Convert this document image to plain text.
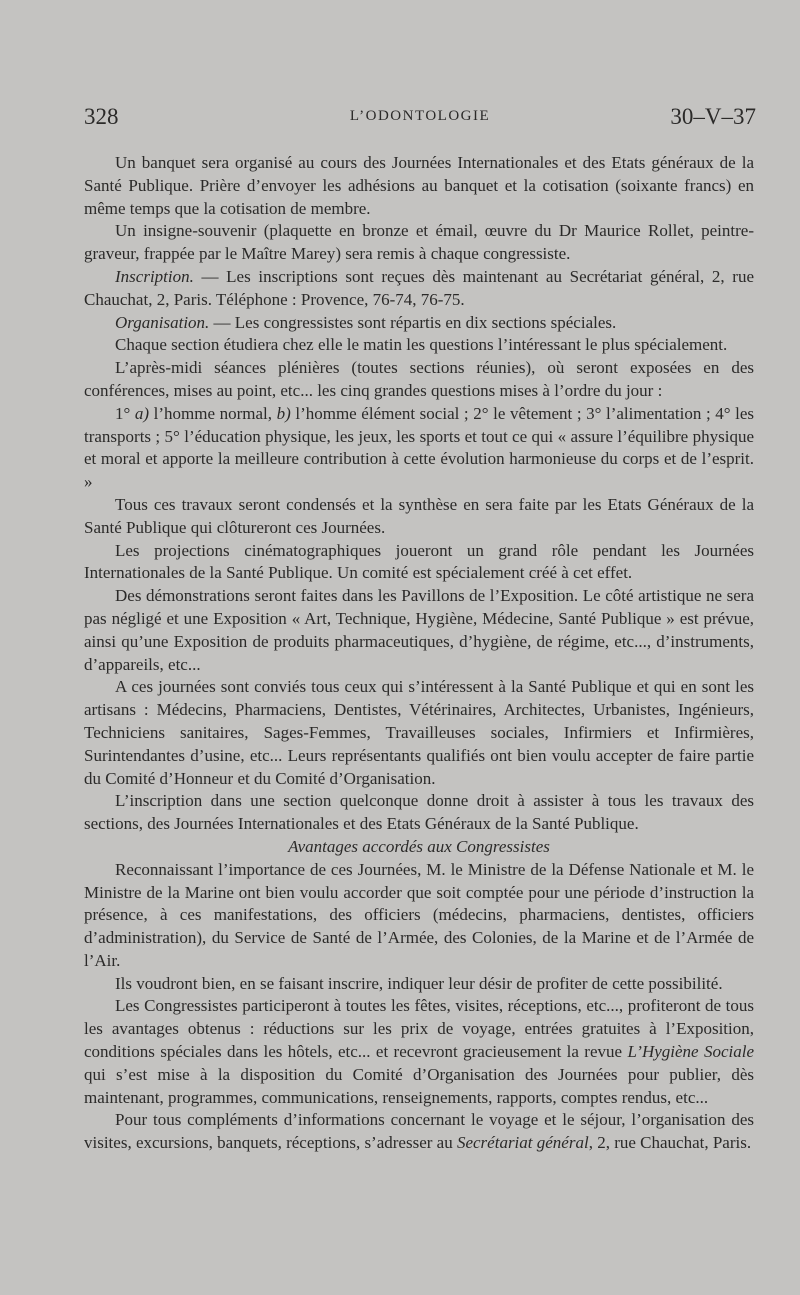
328	L’ODONTOLOGIE	30–V–37

Un banquet sera organisé au cours des Journées Internationales et des Etats généraux de la Santé Publique. Prière d’envoyer les adhésions au banquet et la cotisation (soixante francs) en même temps que la cotisation de membre.

Un insigne-souvenir (plaquette en bronze et émail, œuvre du Dr Maurice Rollet, peintre-graveur, frappée par le Maître Marey) sera remis à chaque congressiste.

Inscription. — Les inscriptions sont reçues dès maintenant au Secrétariat général, 2, rue Chauchat, 2, Paris. Téléphone : Provence, 76-74, 76-75.

Organisation. — Les congressistes sont répartis en dix sections spéciales.

Chaque section étudiera chez elle le matin les questions l’intéressant le plus spécialement.

L’après-midi séances plénières (toutes sections réunies), où seront exposées en des conférences, mises au point, etc... les cinq grandes questions mises à l’ordre du jour :

1° a) l’homme normal, b) l’homme élément social ; 2° le vêtement ; 3° l’alimentation ; 4° les transports ; 5° l’éducation physique, les jeux, les sports et tout ce qui « assure l’équilibre physique et moral et apporte la meilleure contribution à cette évolution harmonieuse du corps et de l’esprit. »

Tous ces travaux seront condensés et la synthèse en sera faite par les Etats Généraux de la Santé Publique qui clôtureront ces Journées.

Les projections cinématographiques joueront un grand rôle pendant les Journées Internationales de la Santé Publique. Un comité est spécialement créé à cet effet.

Des démonstrations seront faites dans les Pavillons de l’Exposition. Le côté artistique ne sera pas négligé et une Exposition « Art, Technique, Hygiène, Médecine, Santé Publique » est prévue, ainsi qu’une Exposition de produits pharmaceutiques, d’hygiène, de régime, etc..., d’instruments, d’appareils, etc...

A ces journées sont conviés tous ceux qui s’intéressent à la Santé Publique et qui en sont les artisans : Médecins, Pharmaciens, Dentistes, Vétérinaires, Architectes, Urbanistes, Ingénieurs, Techniciens sanitaires, Sages-Femmes, Travailleuses sociales, Infirmiers et Infirmières, Surintendantes d’usine, etc... Leurs représentants qualifiés ont bien voulu accepter de faire partie du Comité d’Honneur et du Comité d’Organisation.

L’inscription dans une section quelconque donne droit à assister à tous les travaux des sections, des Journées Internationales et des Etats Généraux de la Santé Publique.

Avantages accordés aux Congressistes

Reconnaissant l’importance de ces Journées, M. le Ministre de la Défense Nationale et M. le Ministre de la Marine ont bien voulu accorder que soit comptée pour une période d’instruction la présence, à ces manifestations, des officiers (médecins, pharmaciens, dentistes, officiers d’administration), du Service de Santé de l’Armée, des Colonies, de la Marine et de l’Armée de l’Air.

Ils voudront bien, en se faisant inscrire, indiquer leur désir de profiter de cette possibilité.

Les Congressistes participeront à toutes les fêtes, visites, réceptions, etc..., profiteront de tous les avantages obtenus : réductions sur les prix de voyage, entrées gratuites à l’Exposition, conditions spéciales dans les hôtels, etc... et recevront gracieusement la revue L’Hygiène Sociale qui s’est mise à la disposition du Comité d’Organisation des Journées pour publier, dès maintenant, programmes, communications, renseignements, rapports, comptes rendus, etc...

Pour tous compléments d’informations concernant le voyage et le séjour, l’organisation des visites, excursions, banquets, réceptions, s’adresser au Secrétariat général, 2, rue Chauchat, Paris.
